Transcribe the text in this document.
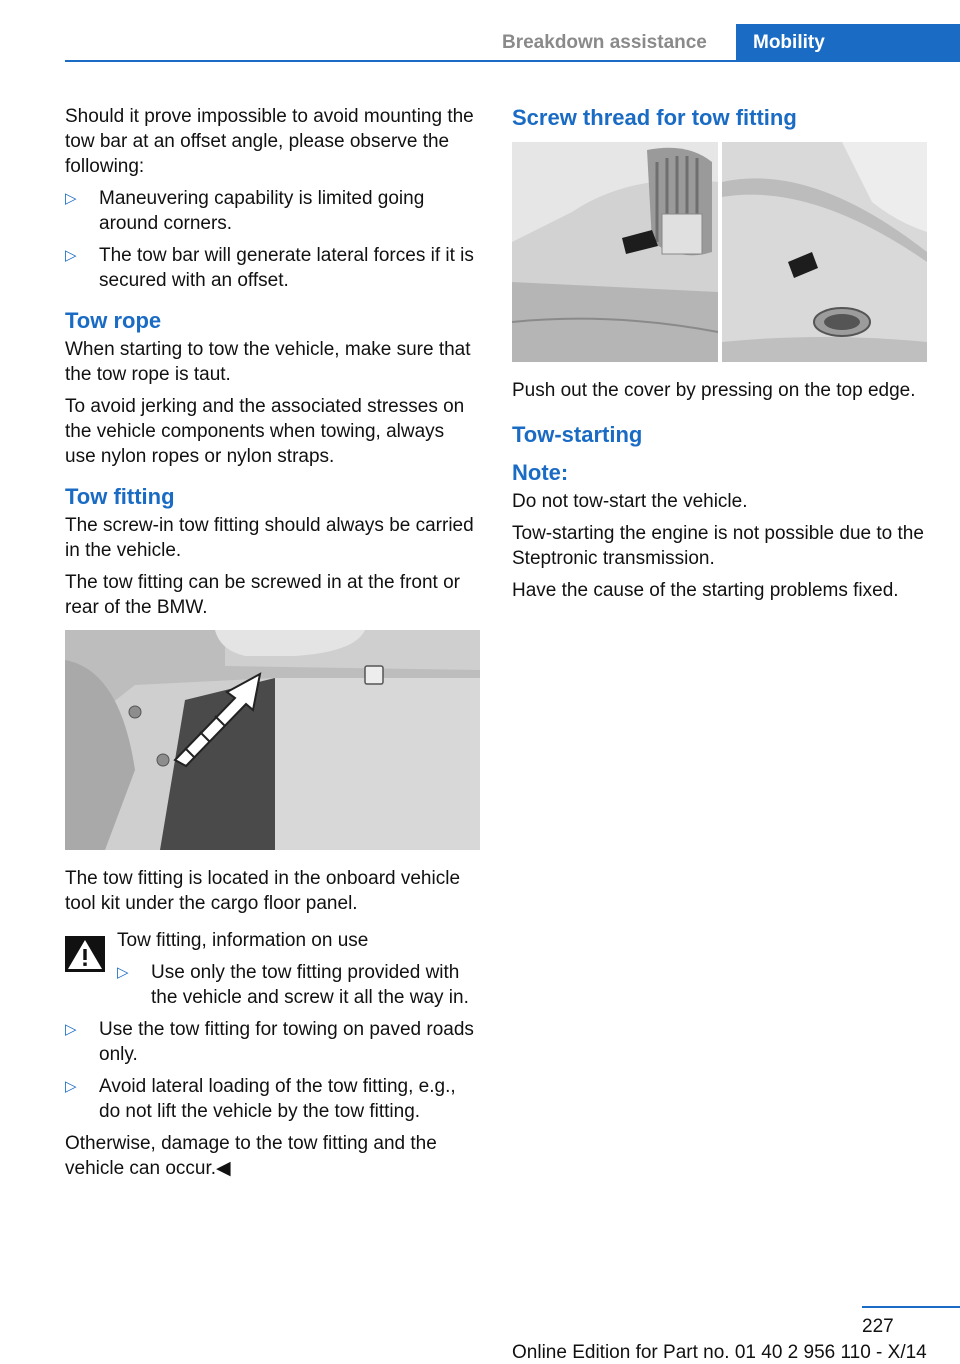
Breakdown assistance	Mobility

Should it prove impossible to avoid mounting the tow bar at an offset angle, please observe the following:

▷ Maneuvering capability is limited going around corners.
▷ The tow bar will generate lateral forces if it is secured with an offset.
Tow rope

When starting to tow the vehicle, make sure that the tow rope is taut.

To avoid jerking and the associated stresses on the vehicle components when towing, always use nylon ropes or nylon straps.

Tow fitting

The screw-in tow fitting should always be carried in the vehicle.

The tow fitting can be screwed in at the front or rear of the BMW.

The tow fitting is located in the onboard vehicle tool kit under the cargo floor panel.

Tow fitting, information on use

▷ Use only the tow fitting provided with the vehicle and screw it all the way in.
▷ Use the tow fitting for towing on paved roads only.
▷ Avoid lateral loading of the tow fitting, e.g., do not lift the vehicle by the tow fitting.

Otherwise, damage to the tow fitting and the vehicle can occur.◀

Screw thread for tow fitting

Push out the cover by pressing on the top edge.

Tow-starting
Note:

Do not tow-start the vehicle.

Tow-starting the engine is not possible due to the Steptronic transmission.

Have the cause of the starting problems fixed.

227
Online Edition for Part no. 01 40 2 956 110 - X/14
